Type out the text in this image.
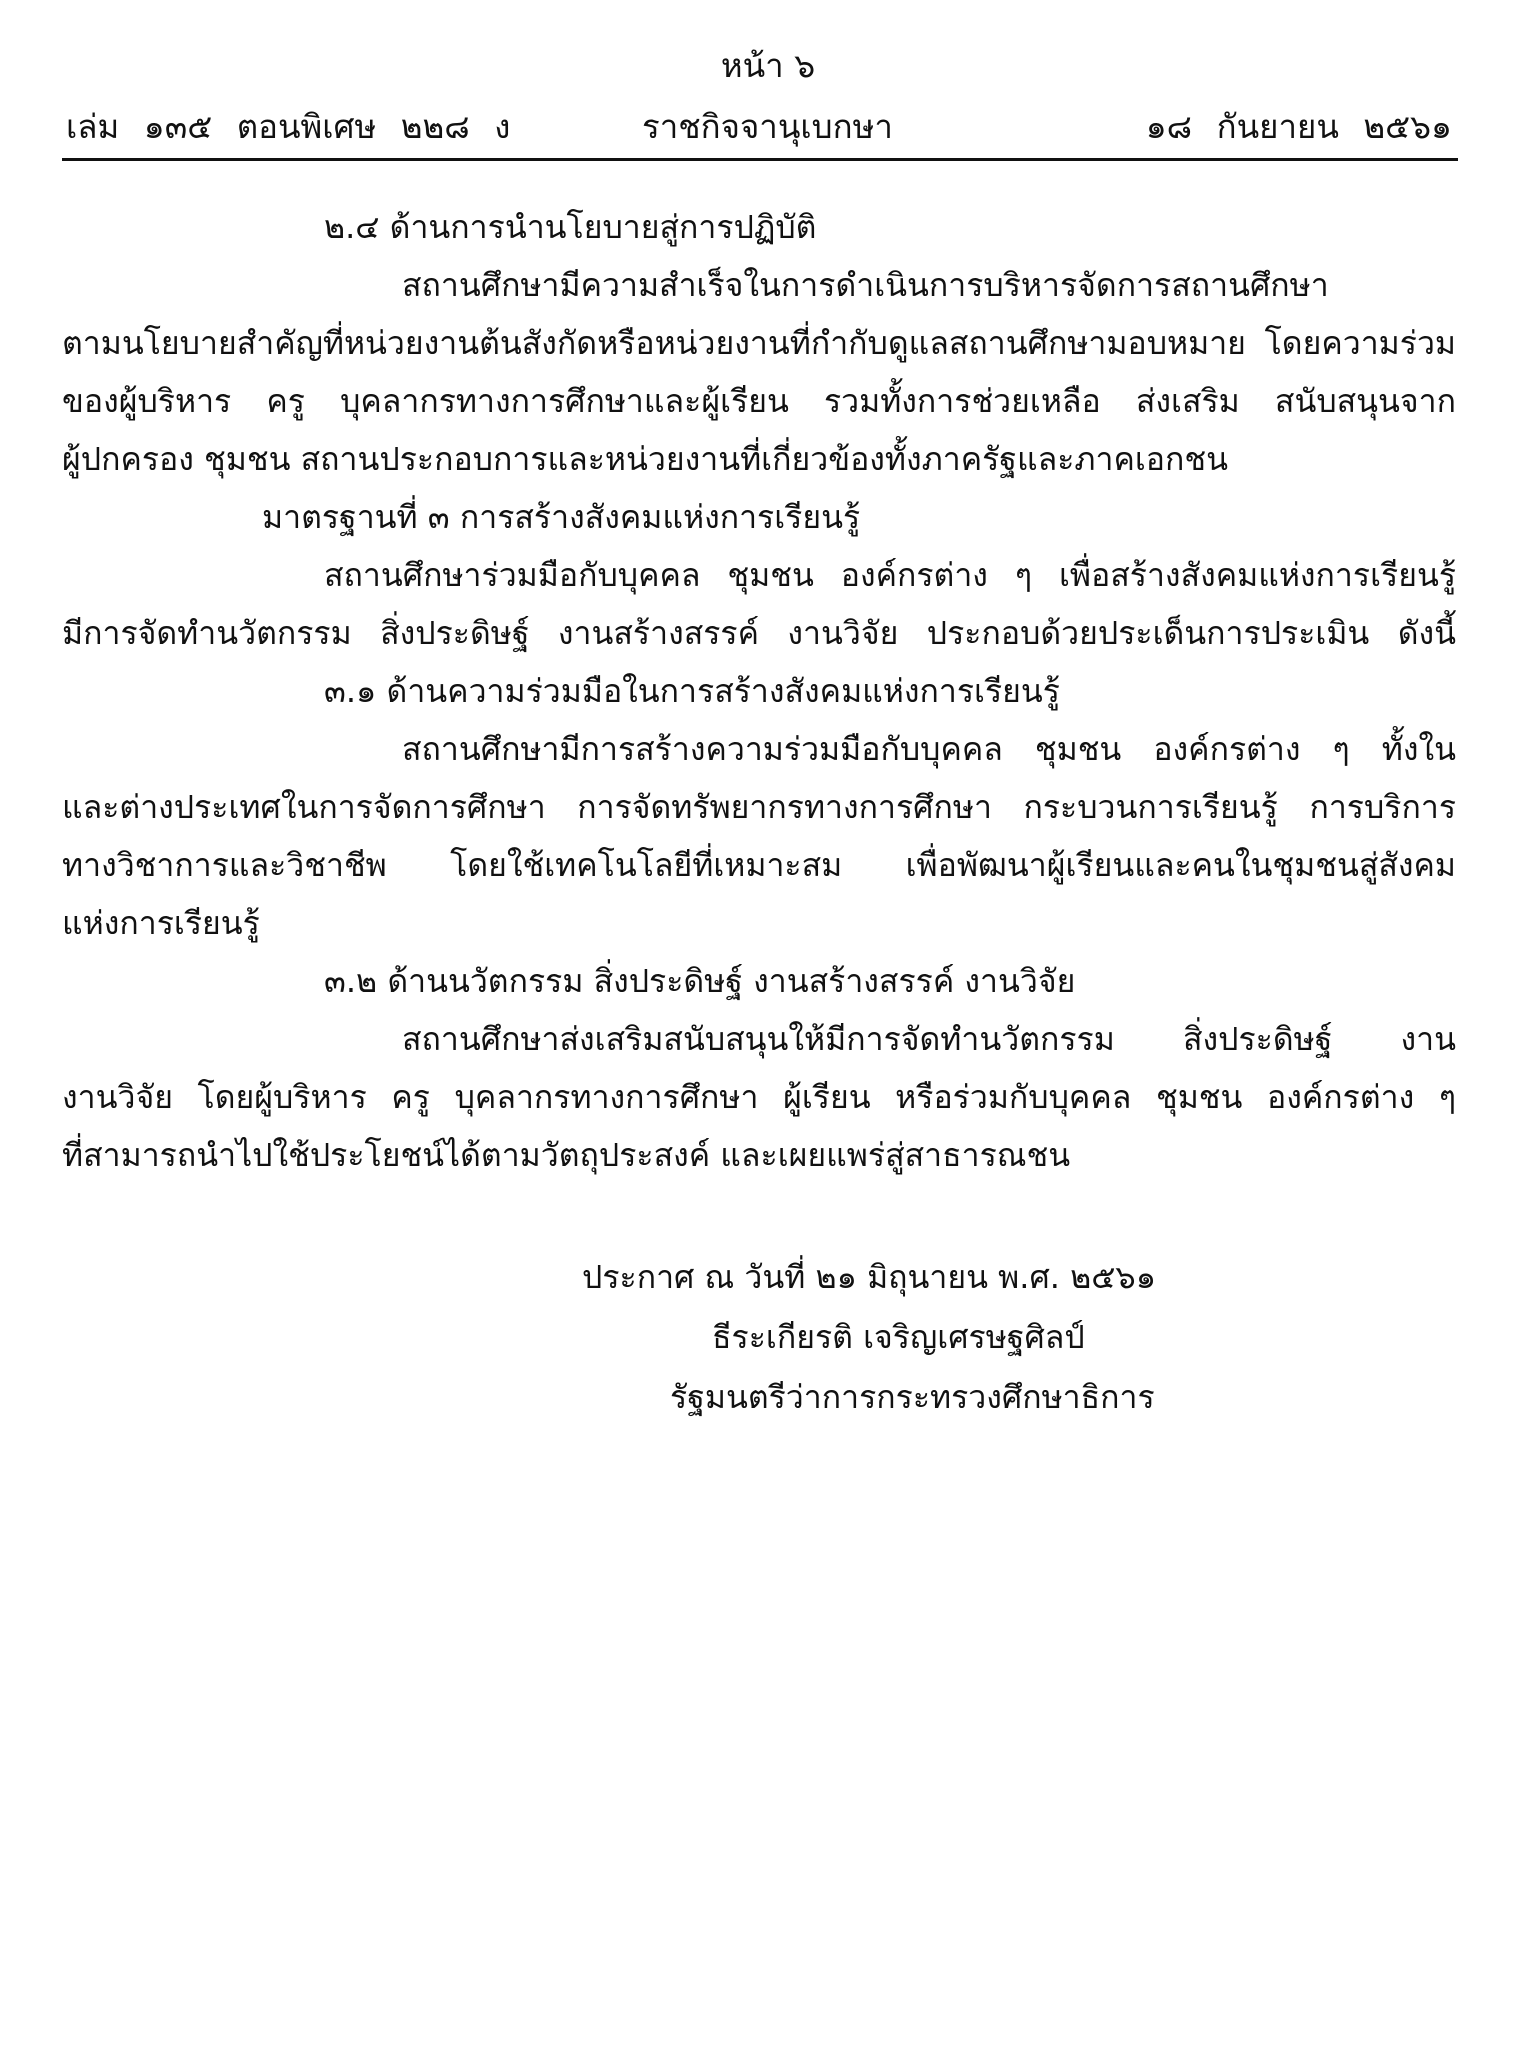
หน้า ๖
เล่ม ๑๓๕ ตอนพิเศษ ๒๒๘ ง	ราชกิจจานุเบกษา	๑๘ กันยายน ๒๕๖๑
๒.๔ ด้านการนำนโยบายสู่การปฏิบัติ
สถานศึกษามีความสำเร็จในการดำเนินการบริหารจัดการสถานศึกษา
ตามนโยบายสำคัญที่หน่วยงานต้นสังกัดหรือหน่วยงานที่กำกับดูแลสถานศึกษามอบหมาย โดยความร่วม
ของผู้บริหาร ครู บุคลากรทางการศึกษาและผู้เรียน รวมทั้งการช่วยเหลือ ส่งเสริม สนับสนุนจาก
ผู้ปกครอง ชุมชน สถานประกอบการและหน่วยงานที่เกี่ยวข้องทั้งภาครัฐและภาคเอกชน
มาตรฐานที่ ๓ การสร้างสังคมแห่งการเรียนรู้
สถานศึกษาร่วมมือกับบุคคล ชุมชน องค์กรต่าง ๆ เพื่อสร้างสังคมแห่งการเรียนรู้
มีการจัดทำนวัตกรรม สิ่งประดิษฐ์ งานสร้างสรรค์ งานวิจัย ประกอบด้วยประเด็นการประเมิน ดังนี้
๓.๑ ด้านความร่วมมือในการสร้างสังคมแห่งการเรียนรู้
สถานศึกษามีการสร้างความร่วมมือกับบุคคล ชุมชน องค์กรต่าง ๆ ทั้งใน
และต่างประเทศในการจัดการศึกษา การจัดทรัพยากรทางการศึกษา กระบวนการเรียนรู้ การบริการ
ทางวิชาการและวิชาชีพ โดยใช้เทคโนโลยีที่เหมาะสม เพื่อพัฒนาผู้เรียนและคนในชุมชนสู่สังคม
แห่งการเรียนรู้
๓.๒ ด้านนวัตกรรม สิ่งประดิษฐ์ งานสร้างสรรค์ งานวิจัย
สถานศึกษาส่งเสริมสนับสนุนให้มีการจัดทำนวัตกรรม สิ่งประดิษฐ์ งาน
งานวิจัย โดยผู้บริหาร ครู บุคลากรทางการศึกษา ผู้เรียน หรือร่วมกับบุคคล ชุมชน องค์กรต่าง ๆ
ที่สามารถนำไปใช้ประโยชน์ได้ตามวัตถุประสงค์ และเผยแพร่สู่สาธารณชน
ประกาศ ณ วันที่ ๒๑ มิถุนายน พ.ศ. ๒๕๖๑
ธีระเกียรติ เจริญเศรษฐศิลป์
รัฐมนตรีว่าการกระทรวงศึกษาธิการ
